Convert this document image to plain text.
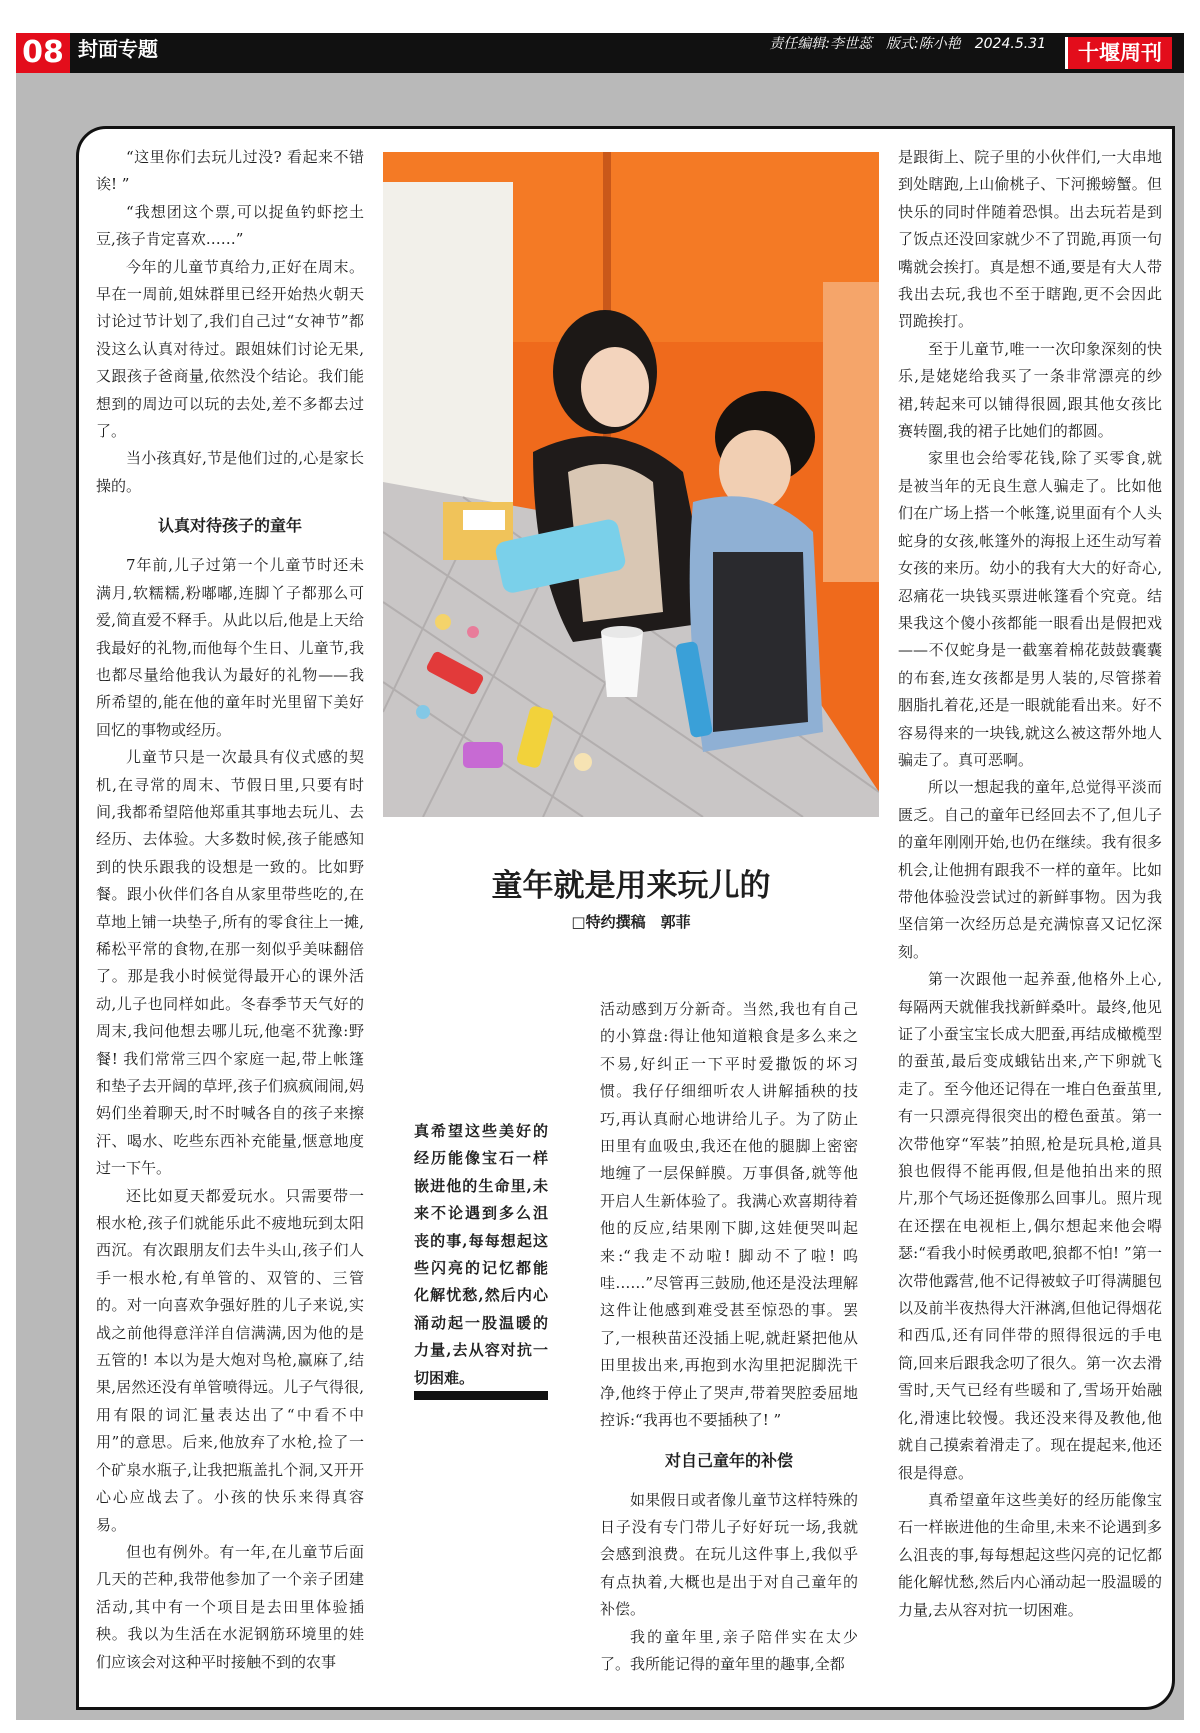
08 封面专题	责任编辑:李世蕊　版式:陈小艳　2024.5.31	十堰周刊

“这里你们去玩儿过没? 看起来不错诶! ”

“我想团这个票,可以捉鱼钓虾挖土豆,孩子肯定喜欢……”

今年的儿童节真给力,正好在周末。早在一周前,姐妹群里已经开始热火朝天讨论过节计划了,我们自己过“女神节”都没这么认真对待过。跟姐妹们讨论无果,又跟孩子爸商量,依然没个结论。我们能想到的周边可以玩的去处,差不多都去过了。

当小孩真好,节是他们过的,心是家长操的。

认真对待孩子的童年

7年前,儿子过第一个儿童节时还未满月,软糯糯,粉嘟嘟,连脚丫子都那么可爱,简直爱不释手。从此以后,他是上天给我最好的礼物,而他每个生日、儿童节,我也都尽量给他我认为最好的礼物——我所希望的,能在他的童年时光里留下美好回忆的事物或经历。

儿童节只是一次最具有仪式感的契机,在寻常的周末、节假日里,只要有时间,我都希望陪他郑重其事地去玩儿、去经历、去体验。大多数时候,孩子能感知到的快乐跟我的设想是一致的。比如野餐。跟小伙伴们各自从家里带些吃的,在草地上铺一块垫子,所有的零食往上一摊,稀松平常的食物,在那一刻似乎美味翻倍了。那是我小时候觉得最开心的课外活动,儿子也同样如此。冬春季节天气好的周末,我问他想去哪儿玩,他毫不犹豫:野餐! 我们常常三四个家庭一起,带上帐篷和垫子去开阔的草坪,孩子们疯疯闹闹,妈妈们坐着聊天,时不时喊各自的孩子来擦汗、喝水、吃些东西补充能量,惬意地度过一下午。

还比如夏天都爱玩水。只需要带一根水枪,孩子们就能乐此不疲地玩到太阳西沉。有次跟朋友们去牛头山,孩子们人手一根水枪,有单管的、双管的、三管的。对一向喜欢争强好胜的儿子来说,实战之前他得意洋洋自信满满,因为他的是五管的! 本以为是大炮对鸟枪,赢麻了,结果,居然还没有单管喷得远。儿子气得很,用有限的词汇量表达出了“中看不中用”的意思。后来,他放弃了水枪,捡了一个矿泉水瓶子,让我把瓶盖扎个洞,又开开心心应战去了。小孩的快乐来得真容易。

但也有例外。有一年,在儿童节后面几天的芒种,我带他参加了一个亲子团建活动,其中有一个项目是去田里体验插秧。我以为生活在水泥钢筋环境里的娃们应该会对这种平时接触不到的农事

童年就是用来玩儿的
□特约撰稿　郭菲
真希望这些美好的经历能像宝石一样嵌进他的生命里,未来不论遇到多么沮丧的事,每每想起这些闪亮的记忆都能化解忧愁,然后内心涌动起一股温暖的力量,去从容对抗一切困难。

活动感到万分新奇。当然,我也有自己的小算盘:得让他知道粮食是多么来之不易,好纠正一下平时爱撒饭的坏习惯。我仔仔细细听农人讲解插秧的技巧,再认真耐心地讲给儿子。为了防止田里有血吸虫,我还在他的腿脚上密密地缠了一层保鲜膜。万事俱备,就等他开启人生新体验了。我满心欢喜期待着他的反应,结果刚下脚,这娃便哭叫起来:“我走不动啦! 脚动不了啦! 呜哇……”尽管再三鼓励,他还是没法理解这件让他感到难受甚至惊恐的事。罢了,一根秧苗还没插上呢,就赶紧把他从田里拔出来,再抱到水沟里把泥脚洗干净,他终于停止了哭声,带着哭腔委屈地控诉:“我再也不要插秧了! ”

对自己童年的补偿

如果假日或者像儿童节这样特殊的日子没有专门带儿子好好玩一场,我就会感到浪费。在玩儿这件事上,我似乎有点执着,大概也是出于对自己童年的补偿。

我的童年里,亲子陪伴实在太少了。我所能记得的童年里的趣事,全都

是跟街上、院子里的小伙伴们,一大串地到处瞎跑,上山偷桃子、下河搬螃蟹。但快乐的同时伴随着恐惧。出去玩若是到了饭点还没回家就少不了罚跪,再顶一句嘴就会挨打。真是想不通,要是有大人带我出去玩,我也不至于瞎跑,更不会因此罚跪挨打。

至于儿童节,唯一一次印象深刻的快乐,是姥姥给我买了一条非常漂亮的纱裙,转起来可以铺得很圆,跟其他女孩比赛转圈,我的裙子比她们的都圆。

家里也会给零花钱,除了买零食,就是被当年的无良生意人骗走了。比如他们在广场上搭一个帐篷,说里面有个人头蛇身的女孩,帐篷外的海报上还生动写着女孩的来历。幼小的我有大大的好奇心,忍痛花一块钱买票进帐篷看个究竟。结果我这个傻小孩都能一眼看出是假把戏——不仅蛇身是一截塞着棉花鼓鼓囊囊的布套,连女孩都是男人装的,尽管搽着胭脂扎着花,还是一眼就能看出来。好不容易得来的一块钱,就这么被这帮外地人骗走了。真可恶啊。

所以一想起我的童年,总觉得平淡而匮乏。自己的童年已经回去不了,但儿子的童年刚刚开始,也仍在继续。我有很多机会,让他拥有跟我不一样的童年。比如带他体验没尝试过的新鲜事物。因为我坚信第一次经历总是充满惊喜又记忆深刻。

第一次跟他一起养蚕,他格外上心,每隔两天就催我找新鲜桑叶。最终,他见证了小蚕宝宝长成大肥蚕,再结成橄榄型的蚕茧,最后变成蛾钻出来,产下卵就飞走了。至今他还记得在一堆白色蚕茧里,有一只漂亮得很突出的橙色蚕茧。第一次带他穿“军装”拍照,枪是玩具枪,道具狼也假得不能再假,但是他拍出来的照片,那个气场还挺像那么回事儿。照片现在还摆在电视柜上,偶尔想起来他会嘚瑟:“看我小时候勇敢吧,狼都不怕! ”第一次带他露营,他不记得被蚊子叮得满腿包以及前半夜热得大汗淋漓,但他记得烟花和西瓜,还有同伴带的照得很远的手电筒,回来后跟我念叨了很久。第一次去滑雪时,天气已经有些暖和了,雪场开始融化,滑速比较慢。我还没来得及教他,他就自己摸索着滑走了。现在提起来,他还很是得意。

真希望童年这些美好的经历能像宝石一样嵌进他的生命里,未来不论遇到多么沮丧的事,每每想起这些闪亮的记忆都能化解忧愁,然后内心涌动起一股温暖的力量,去从容对抗一切困难。
